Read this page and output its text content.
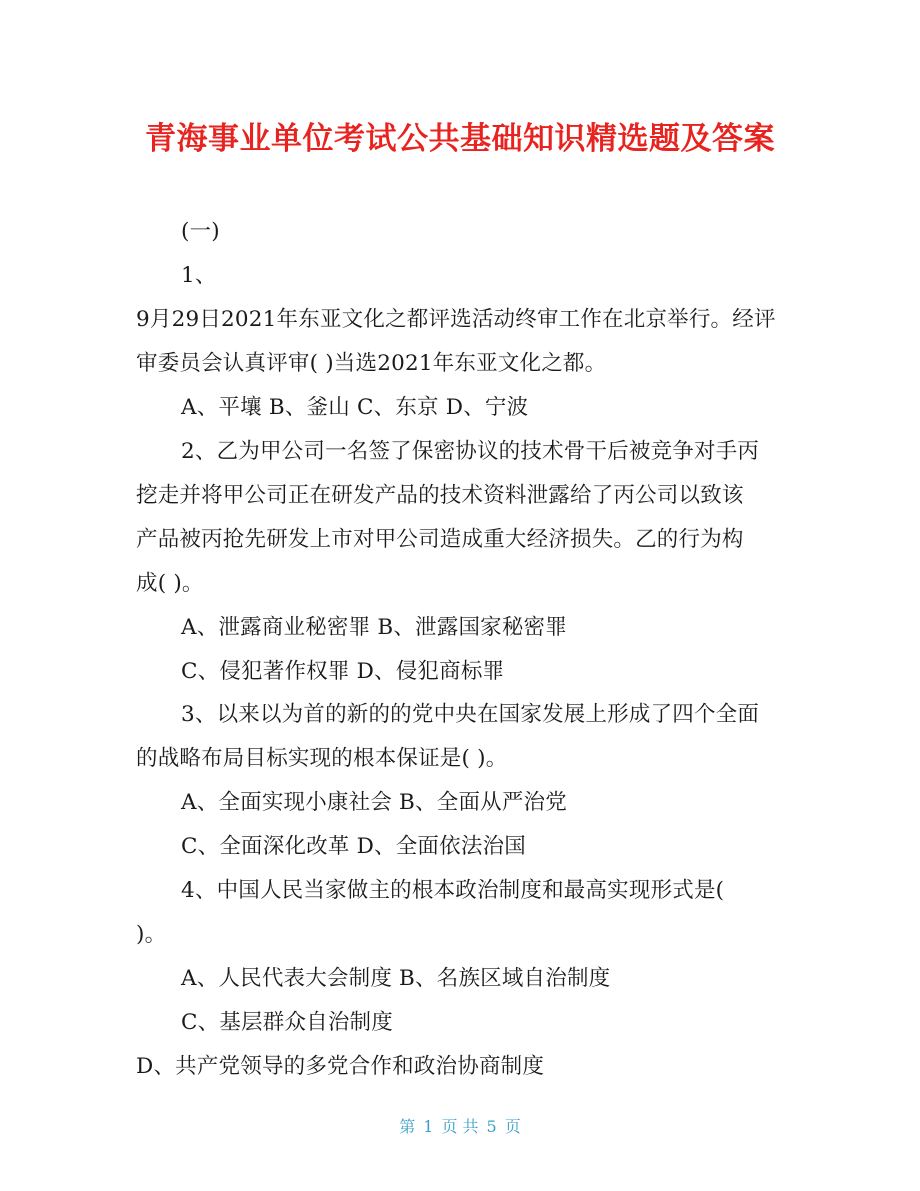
青海事业单位考试公共基础知识精选题及答案
(一)
1、
9月29日2021年东亚文化之都评选活动终审工作在北京举行。经评
审委员会认真评审( )当选2021年东亚文化之都。
A、平壤 B、釜山 C、东京 D、宁波
2、乙为甲公司一名签了保密协议的技术骨干后被竞争对手丙
挖走并将甲公司正在研发产品的技术资料泄露给了丙公司以致该
产品被丙抢先研发上市对甲公司造成重大经济损失。乙的行为构
成( )。
A、泄露商业秘密罪 B、泄露国家秘密罪
C、侵犯著作权罪 D、侵犯商标罪
3、以来以为首的新的的党中央在国家发展上形成了四个全面
的战略布局目标实现的根本保证是( )。
A、全面实现小康社会 B、全面从严治党
C、全面深化改革 D、全面依法治国
4、中国人民当家做主的根本政治制度和最高实现形式是(
)。
A、人民代表大会制度 B、名族区域自治制度
C、基层群众自治制度
D、共产党领导的多党合作和政治协商制度
第 1 页 共 5 页
